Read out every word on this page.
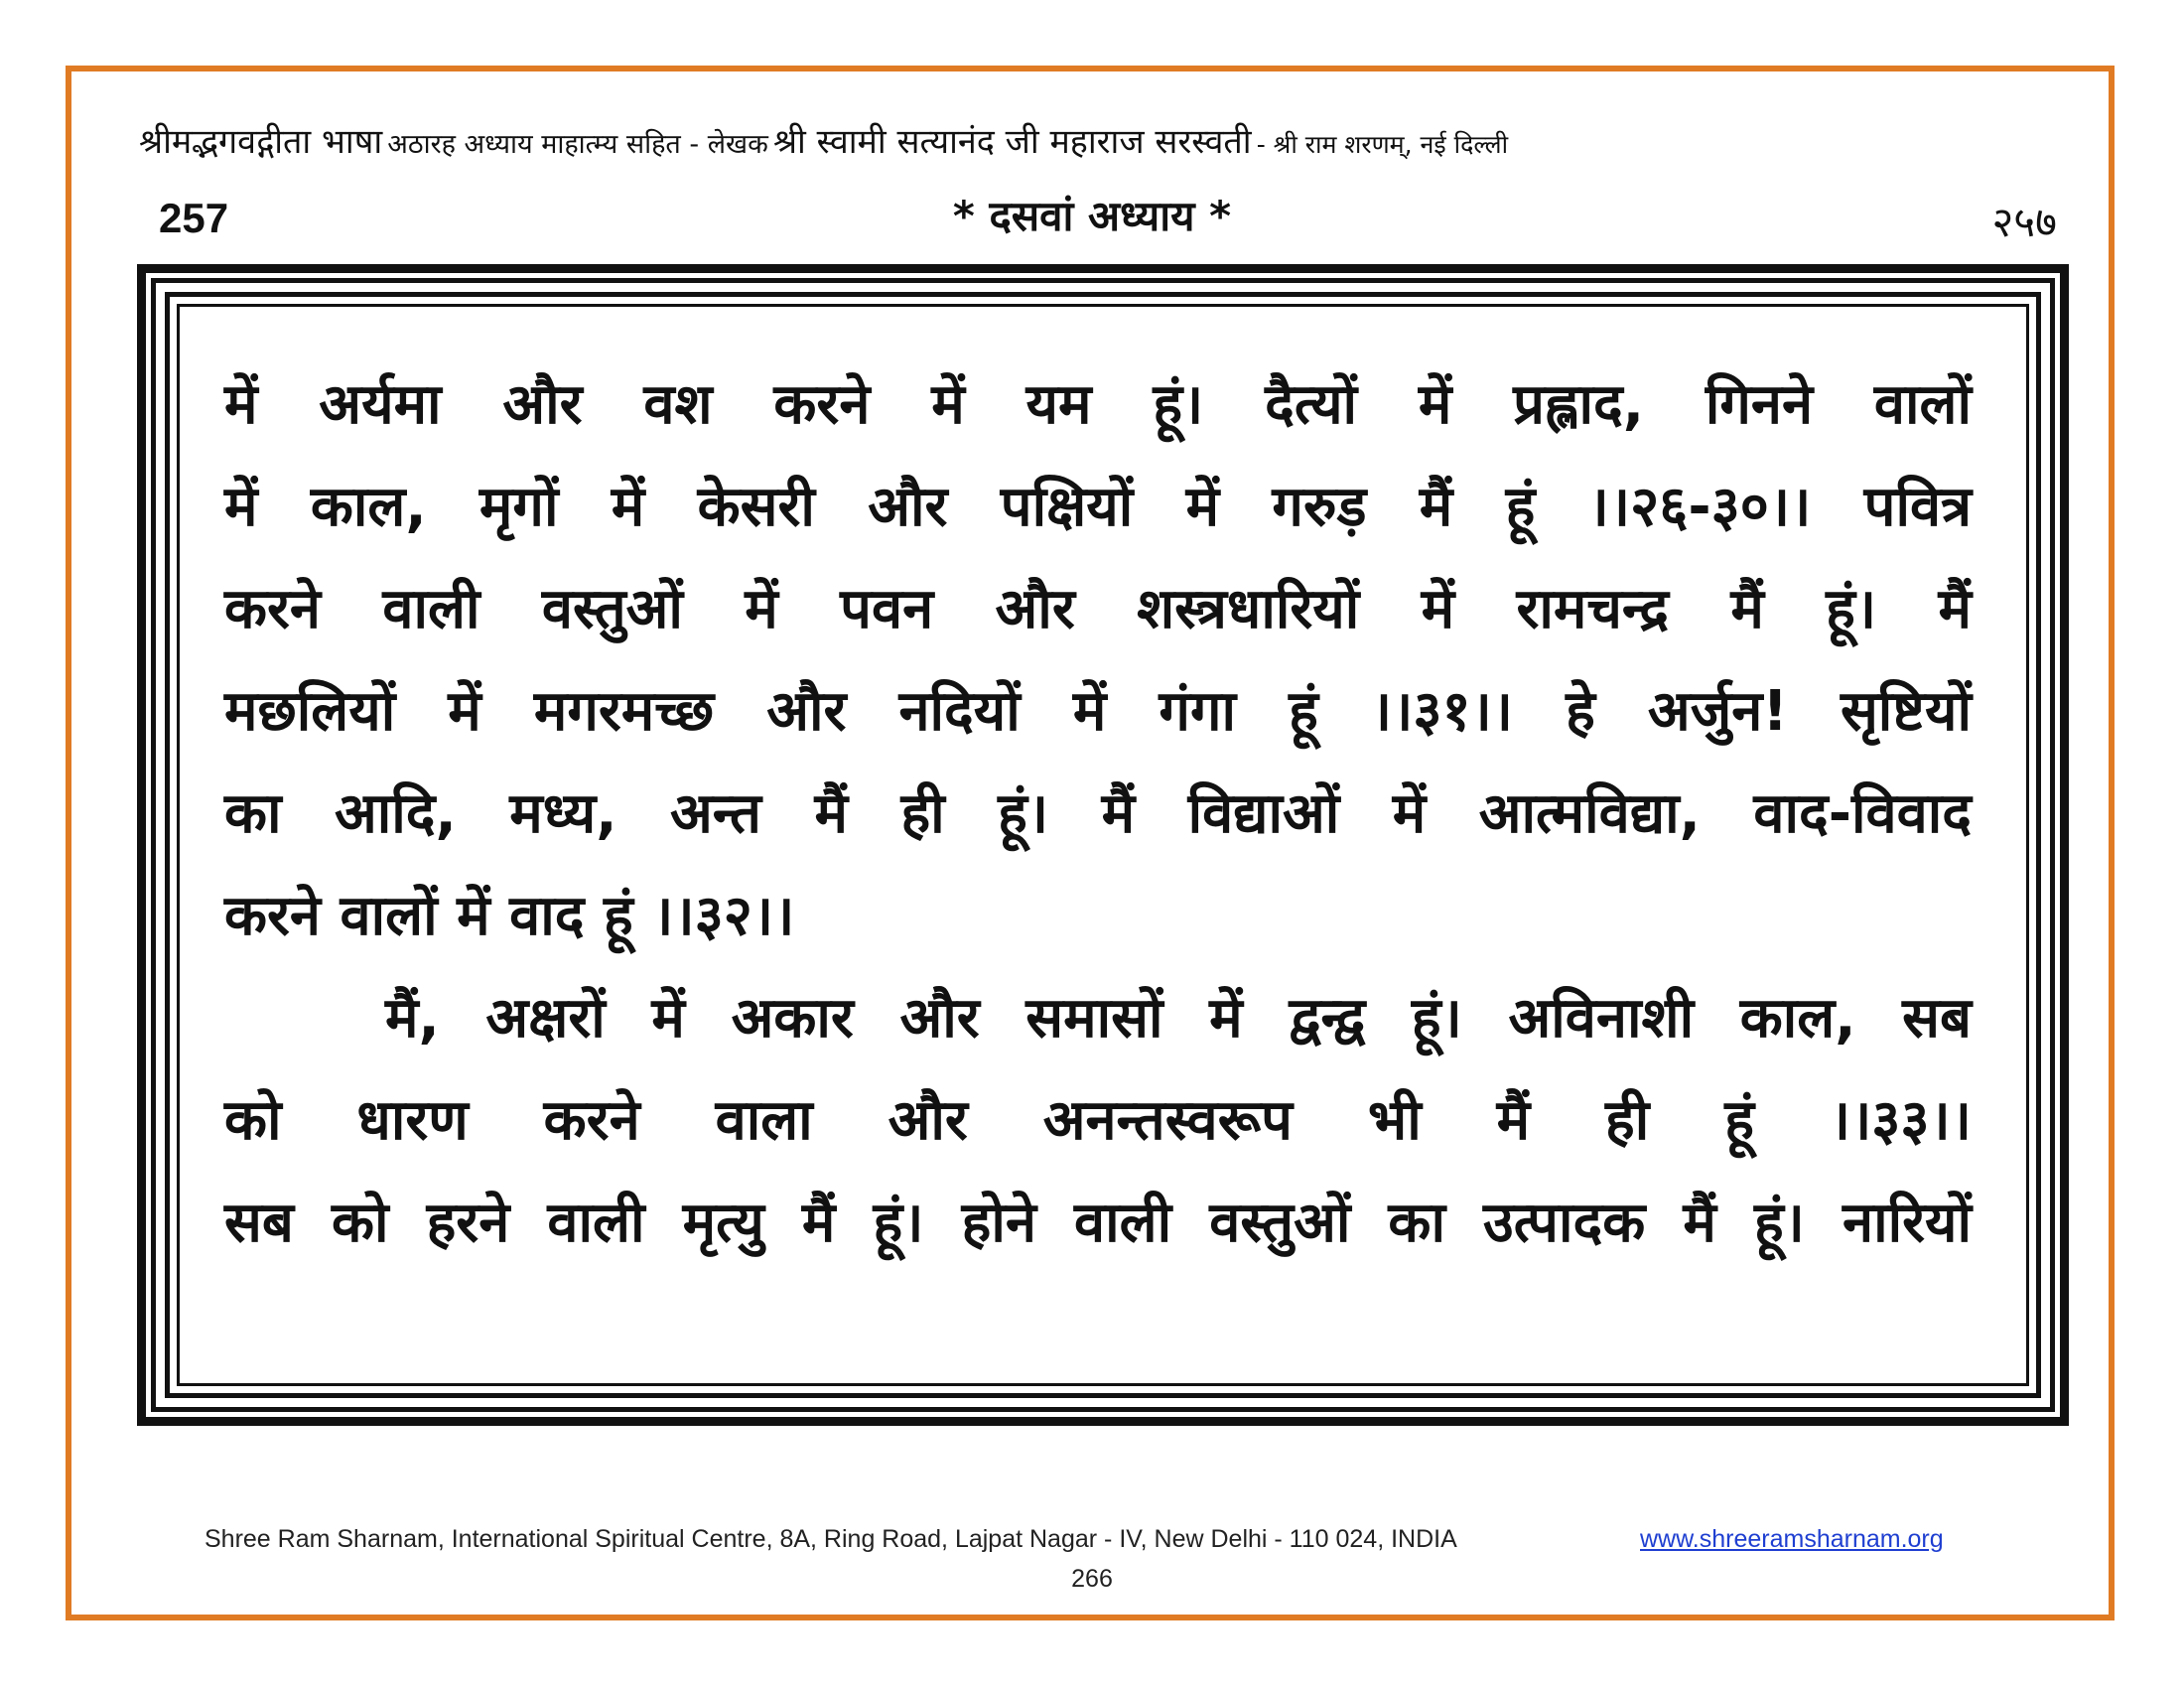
श्रीमद्भगवद्गीता भाषा अठारह अध्याय माहात्म्य सहित - लेखक श्री स्वामी सत्यानंद जी महाराज सरस्वती - श्री राम शरणम्, नई दिल्ली
257	* दसवां अध्याय *	२५७
में अर्यमा और वश करने में यम हूं। दैत्यों में प्रह्लाद, गिनने वालों
में काल, मृगों में केसरी और पक्षियों में गरुड़ मैं हूं ।।२६-३०।। पवित्र
करने वाली वस्तुओं में पवन और शस्त्रधारियों में रामचन्द्र मैं हूं। मैं
मछलियों में मगरमच्छ और नदियों में गंगा हूं ।।३१।। हे अर्जुन! सृष्टियों
का आदि, मध्य, अन्त मैं ही हूं। मैं विद्याओं में आत्मविद्या, वाद-विवाद
करने वालों में वाद हूं ।।३२।।
मैं, अक्षरों में अकार और समासों में द्वन्द्व हूं। अविनाशी काल, सब
को धारण करने वाला और अनन्तस्वरूप भी मैं ही हूं ।।३३।।
सब को हरने वाली मृत्यु मैं हूं। होने वाली वस्तुओं का उत्पादक मैं हूं। नारियों
Shree Ram Sharnam, International Spiritual Centre, 8A, Ring Road, Lajpat Nagar - IV, New Delhi - 110 024, INDIA	www.shreeramsharnam.org
266
